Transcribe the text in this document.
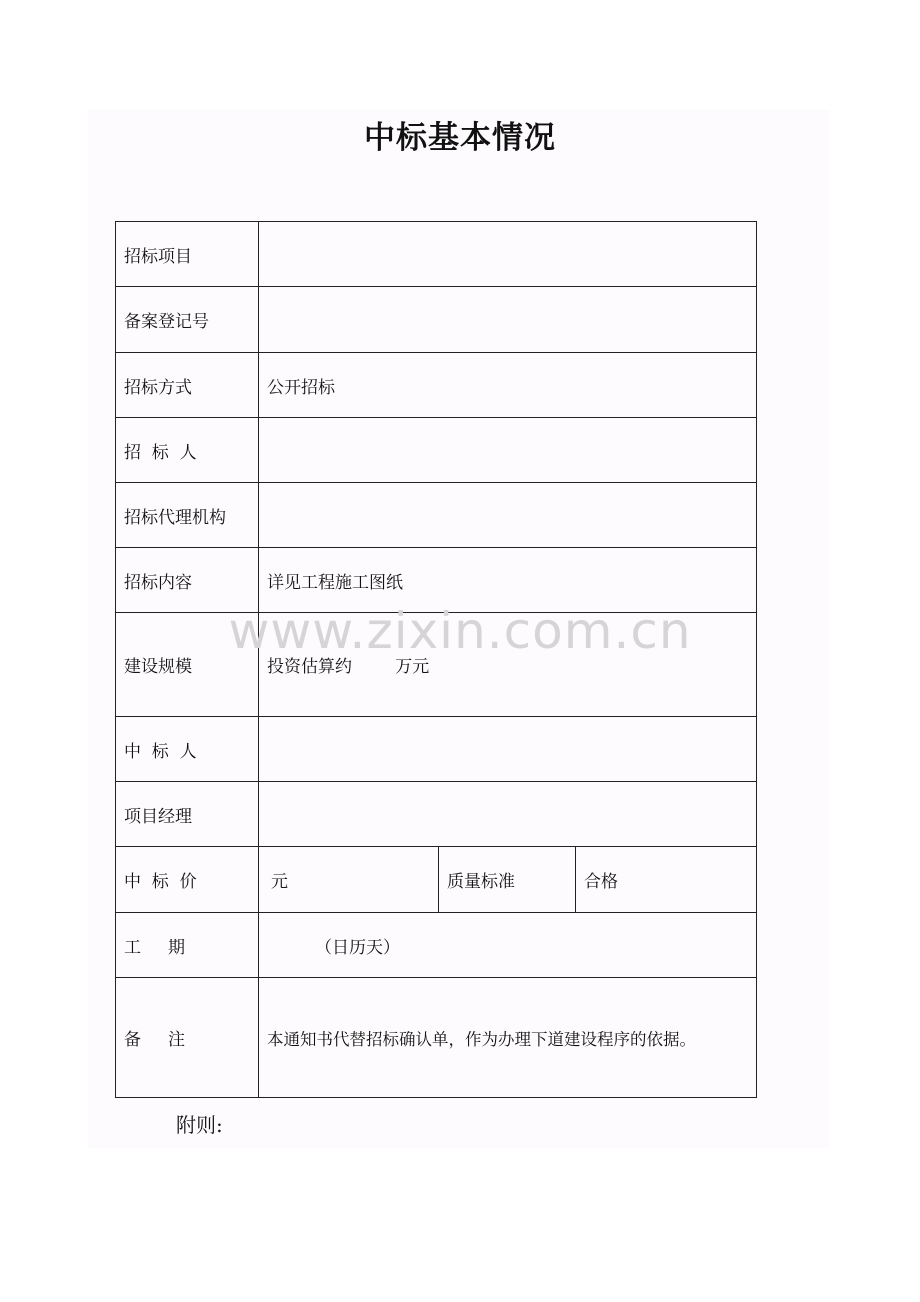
中标基本情况
招标项目			
备案登记号			
招标方式	公开招标		
招  标  人			
招标代理机构			
招标内容	详见工程施工图纸		
建设规模	投资估算约        万元		
中  标  人			
项目经理			
中  标  价	元	质量标准	合格
工     期	（日历天）		
备     注	本通知书代替招标确认单，作为办理下道建设程序的依据。		
www.zixin.com.cn
附则:
